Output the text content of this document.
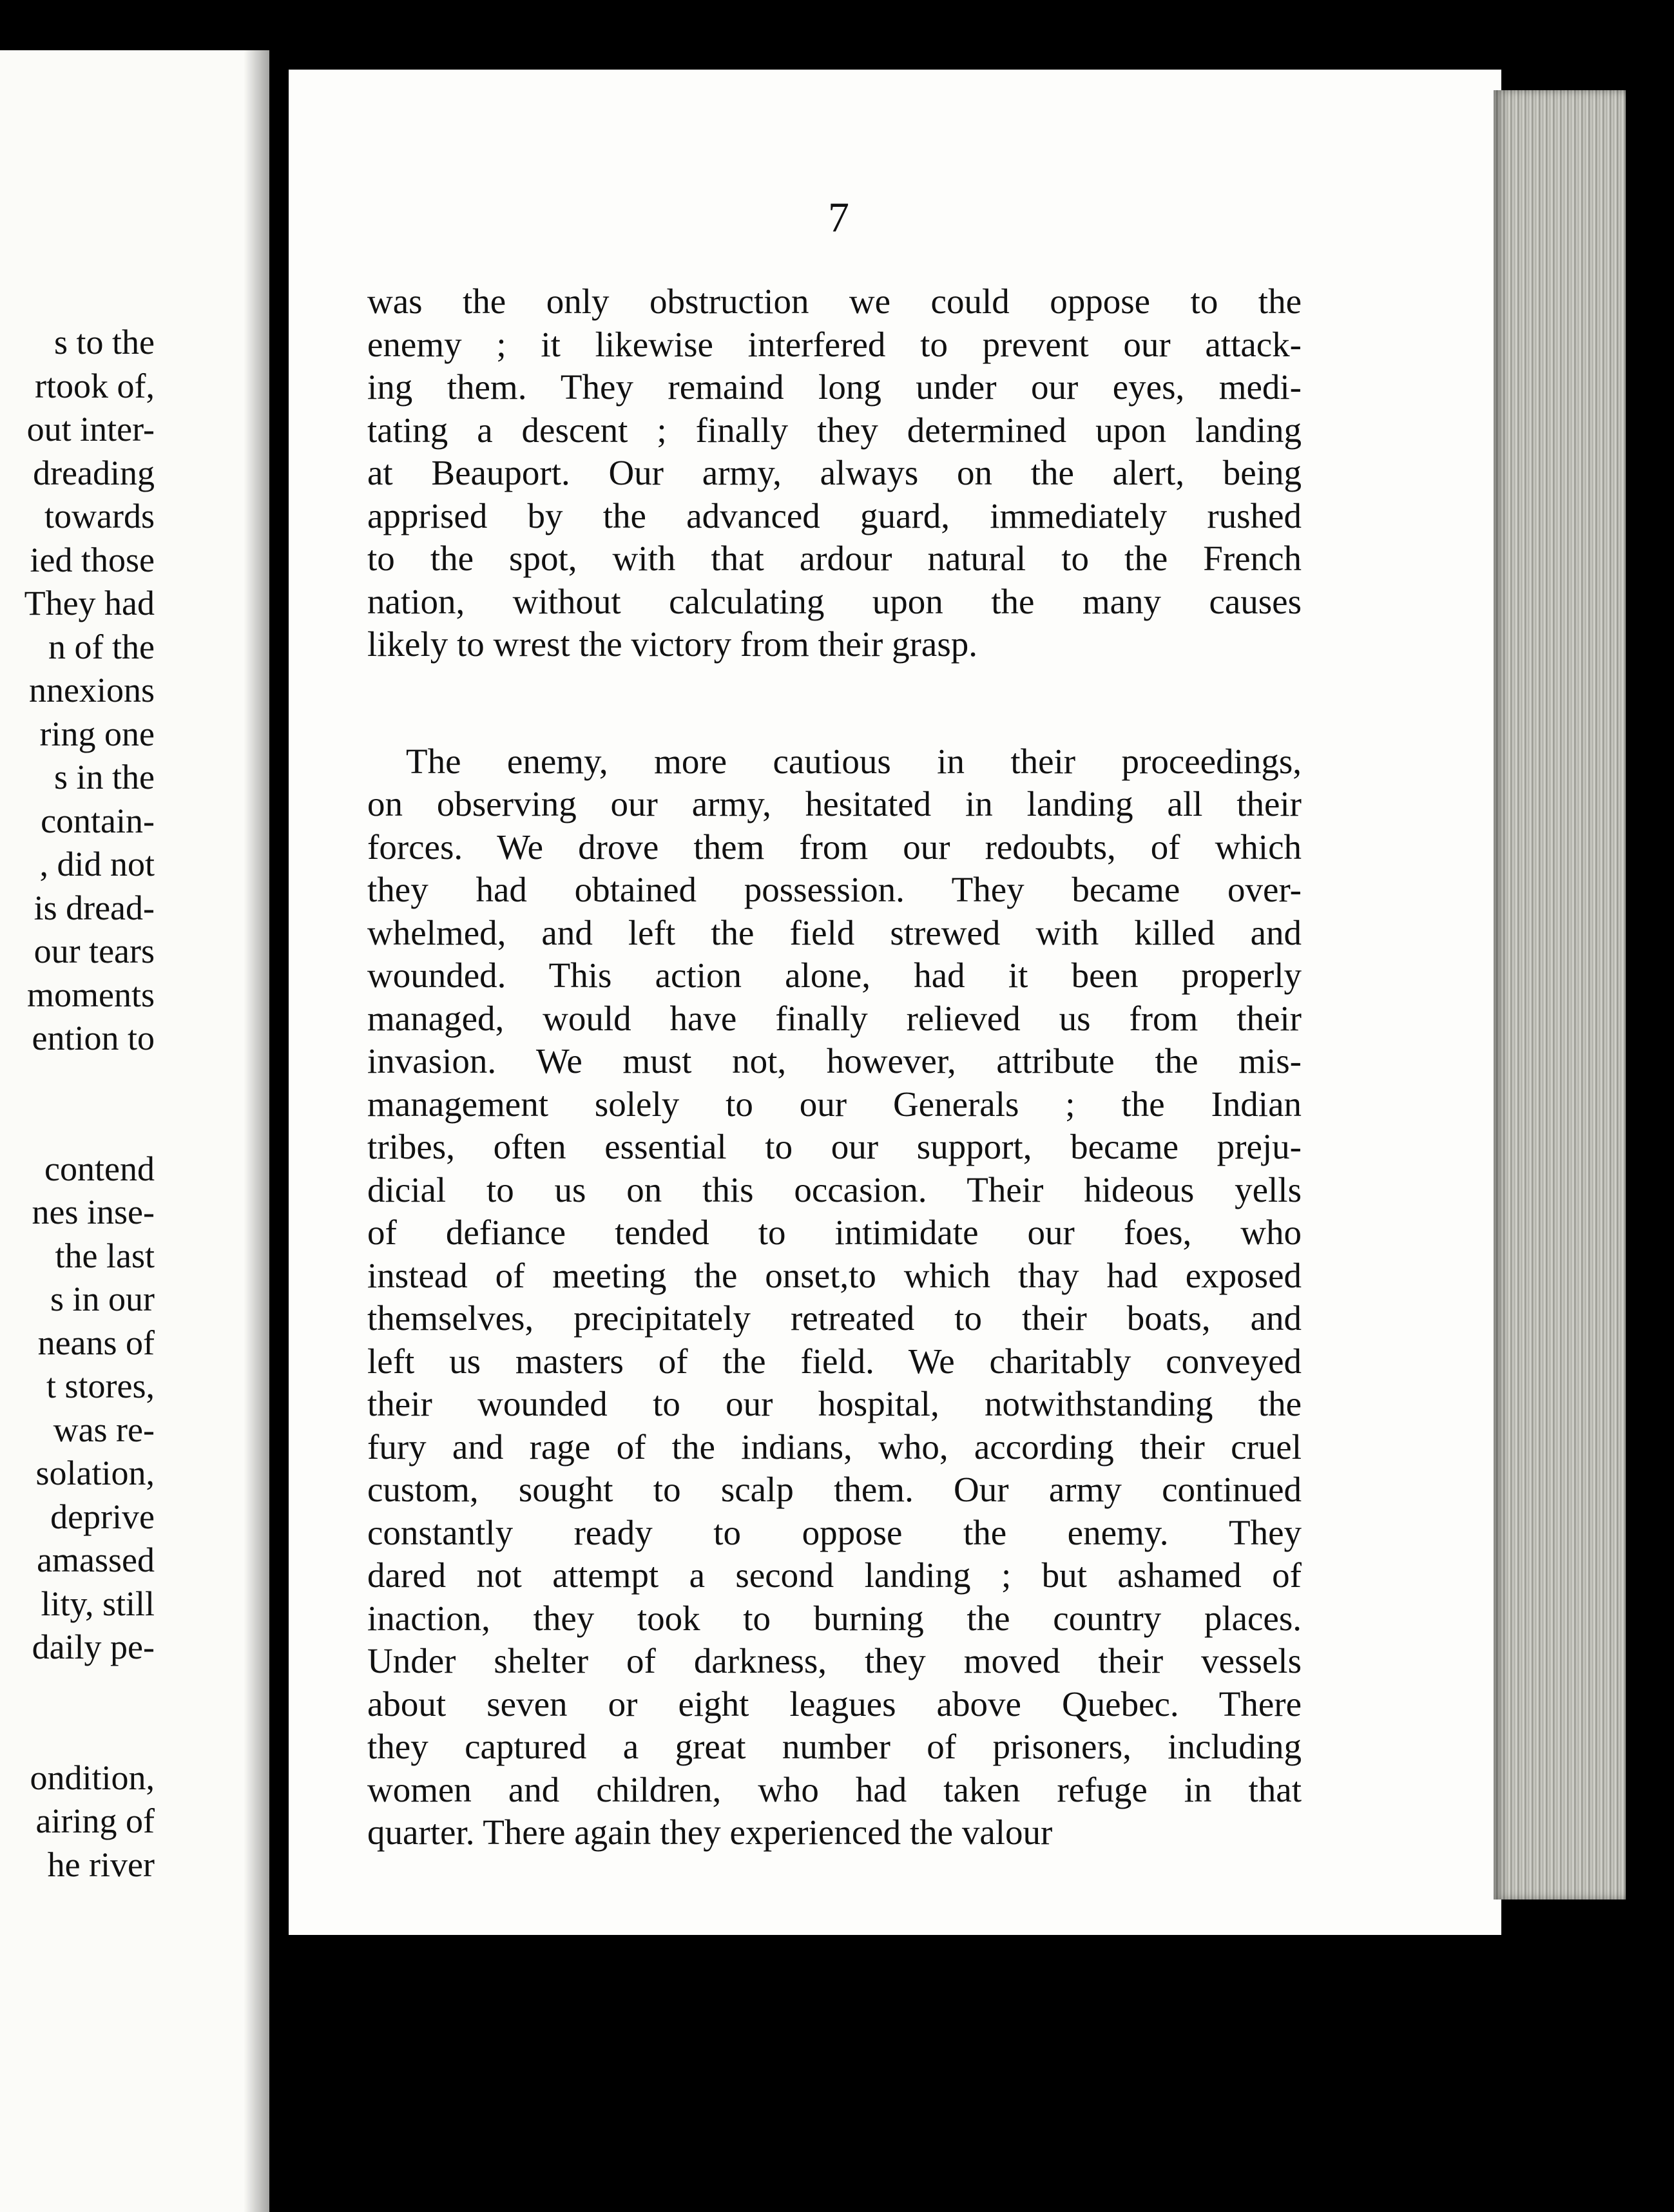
s to the
rtook of,
out inter-
dreading
towards
ied those
They had
n of the
nnexions
ring one
s in the
contain-
, did not
is dread-
our tears
moments
ention to
contend
nes inse-
the last
s in our
neans of
t stores,
was re-
solation,
deprive
amassed
lity, still
daily pe-
ondition,
airing of
he river
7
was the only obstruction we could oppose to the
enemy ; it likewise interfered to prevent our attack-
ing them. They remaind long under our eyes, medi-
tating a descent ; finally they determined upon landing
at Beauport. Our army, always on the alert, being
apprised by the advanced guard, immediately rushed
to the spot, with that ardour natural to the French
nation, without calculating upon the many causes
likely to wrest the victory from their grasp.
The enemy, more cautious in their proceedings,
on observing our army, hesitated in landing all their
forces. We drove them from our redoubts, of which
they had obtained possession. They became over-
whelmed, and left the field strewed with killed and
wounded. This action alone, had it been properly
managed, would have finally relieved us from their
invasion. We must not, however, attribute the mis-
management solely to our Generals ; the Indian
tribes, often essential to our support, became preju-
dicial to us on this occasion. Their hideous yells
of defiance tended to intimidate our foes, who
instead of meeting the onset,to which thay had exposed
themselves, precipitately retreated to their boats, and
left us masters of the field. We charitably conveyed
their wounded to our hospital, notwithstanding the
fury and rage of the indians, who, according their cruel
custom, sought to scalp them. Our army continued
constantly ready to oppose the enemy. They
dared not attempt a second landing ; but ashamed of
inaction, they took to burning the country places.
Under shelter of darkness, they moved their vessels
about seven or eight leagues above Quebec. There
they captured a great number of prisoners, including
women and children, who had taken refuge in that
quarter. There again they experienced the valour
